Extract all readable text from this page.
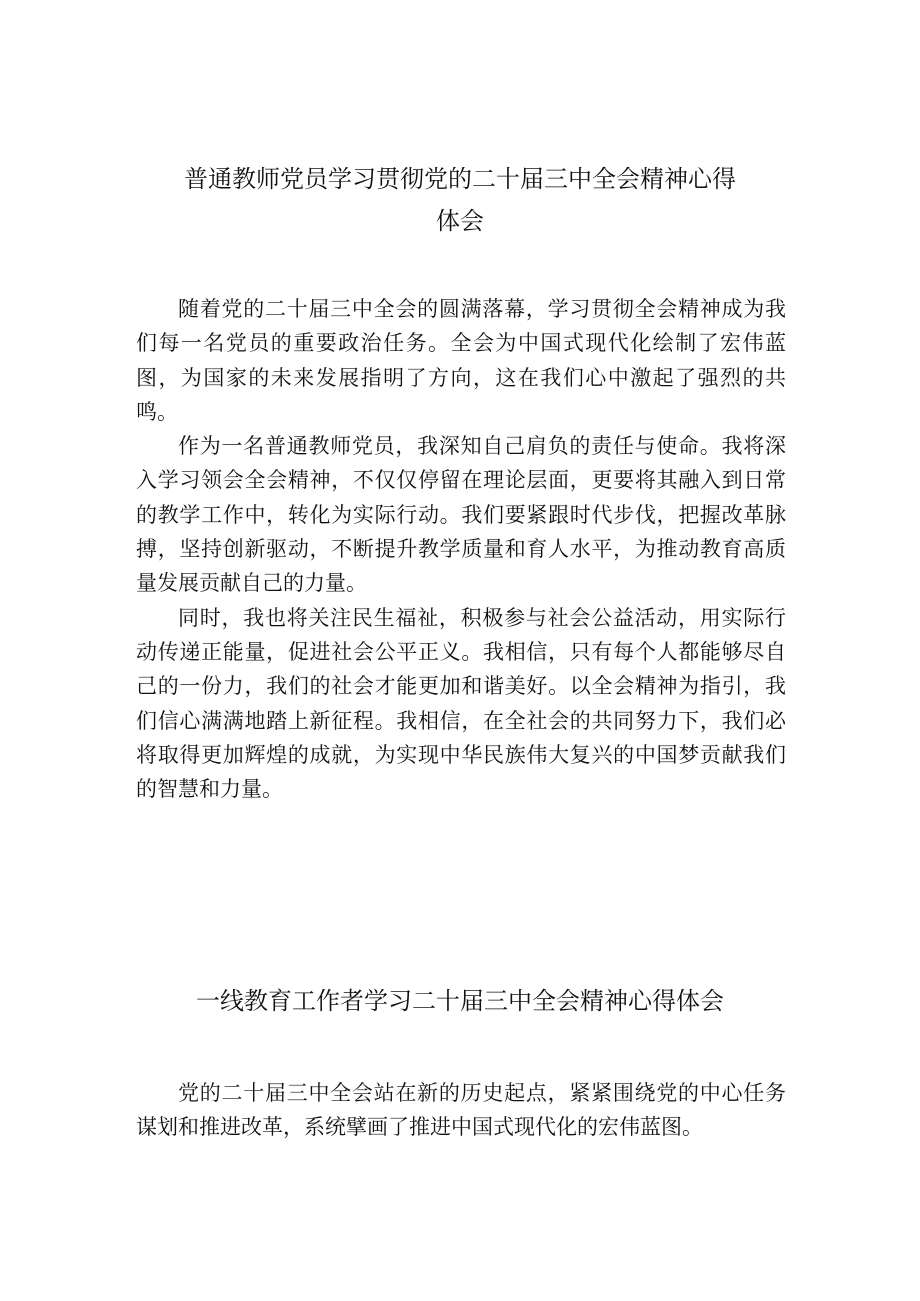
普通教师党员学习贯彻党的二十届三中全会精神心得
体会

随着党的二十届三中全会的圆满落幕，学习贯彻全会精神成为我们每一名党员的重要政治任务。全会为中国式现代化绘制了宏伟蓝图，为国家的未来发展指明了方向，这在我们心中激起了强烈的共鸣。

作为一名普通教师党员，我深知自己肩负的责任与使命。我将深入学习领会全会精神，不仅仅停留在理论层面，更要将其融入到日常的教学工作中，转化为实际行动。我们要紧跟时代步伐，把握改革脉搏，坚持创新驱动，不断提升教学质量和育人水平，为推动教育高质量发展贡献自己的力量。

同时，我也将关注民生福祉，积极参与社会公益活动，用实际行动传递正能量，促进社会公平正义。我相信，只有每个人都能够尽自己的一份力，我们的社会才能更加和谐美好。以全会精神为指引，我们信心满满地踏上新征程。我相信，在全社会的共同努力下，我们必将取得更加辉煌的成就，为实现中华民族伟大复兴的中国梦贡献我们的智慧和力量。

一线教育工作者学习二十届三中全会精神心得体会

党的二十届三中全会站在新的历史起点，紧紧围绕党的中心任务谋划和推进改革，系统擘画了推进中国式现代化的宏伟蓝图。
